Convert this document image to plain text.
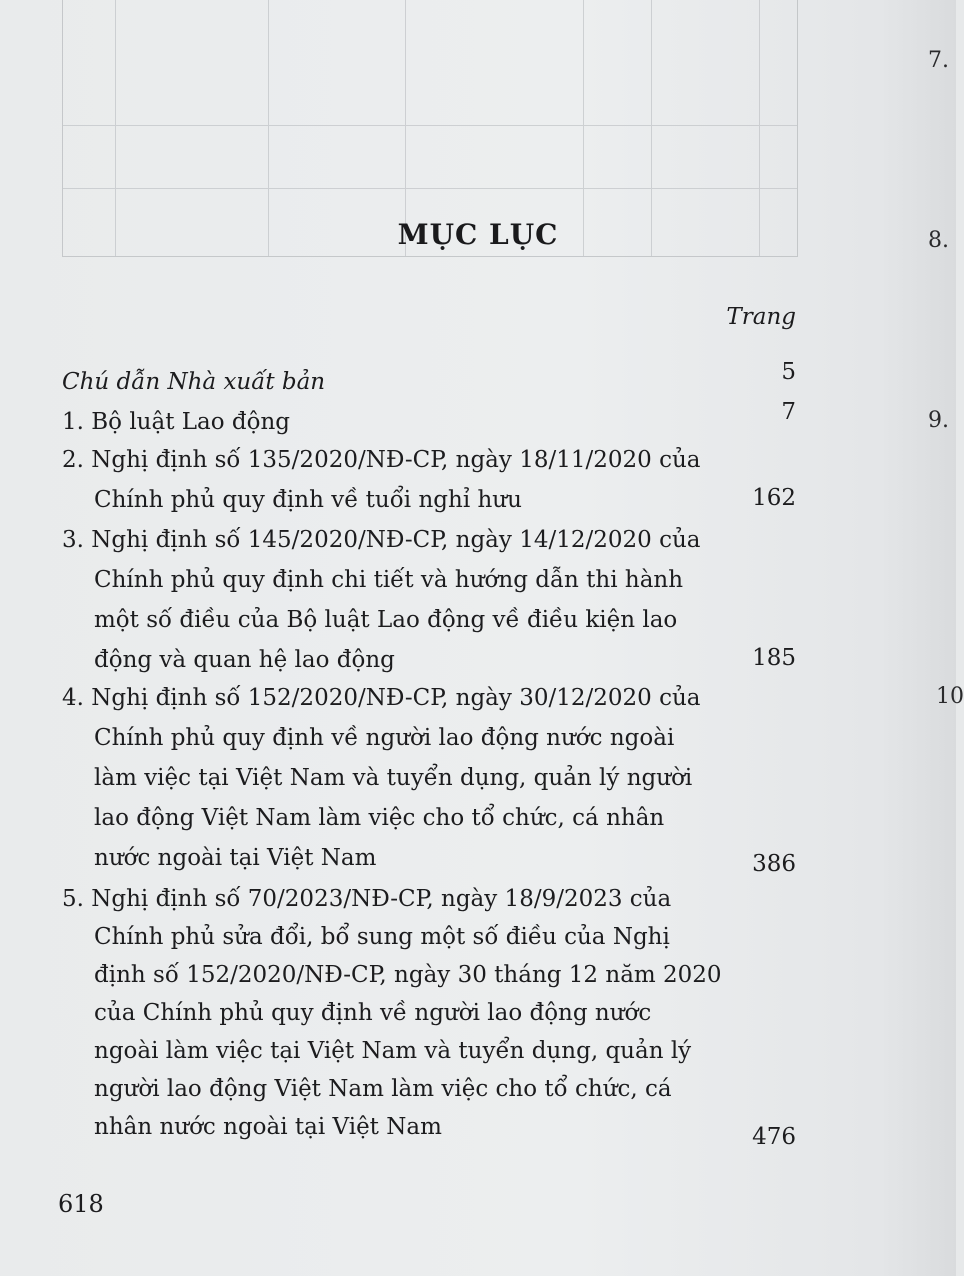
MỤC LỤC
Trang
Chú dẫn Nhà xuất bản	5
1. Bộ luật Lao động	7
2. Nghị định số 135/2020/NĐ-CP, ngày 18/11/2020 của
Chính phủ quy định về tuổi nghỉ hưu	162
3. Nghị định số 145/2020/NĐ-CP, ngày 14/12/2020 của
Chính phủ quy định chi tiết và hướng dẫn thi hành
một số điều của Bộ luật Lao động về điều kiện lao
động và quan hệ lao động	185
4. Nghị định số 152/2020/NĐ-CP, ngày 30/12/2020 của
Chính phủ quy định về người lao động nước ngoài
làm việc tại Việt Nam và tuyển dụng, quản lý người
lao động Việt Nam làm việc cho tổ chức, cá nhân
nước ngoài tại Việt Nam	386
5. Nghị định số 70/2023/NĐ-CP, ngày 18/9/2023 của
Chính phủ sửa đổi, bổ sung một số điều của Nghị
định số 152/2020/NĐ-CP, ngày 30 tháng 12 năm 2020
của Chính phủ quy định về người lao động nước
ngoài làm việc tại Việt Nam và tuyển dụng, quản lý
người lao động Việt Nam làm việc cho tổ chức, cá
nhân nước ngoài tại Việt Nam	476
618
7.
8.
9.
10
